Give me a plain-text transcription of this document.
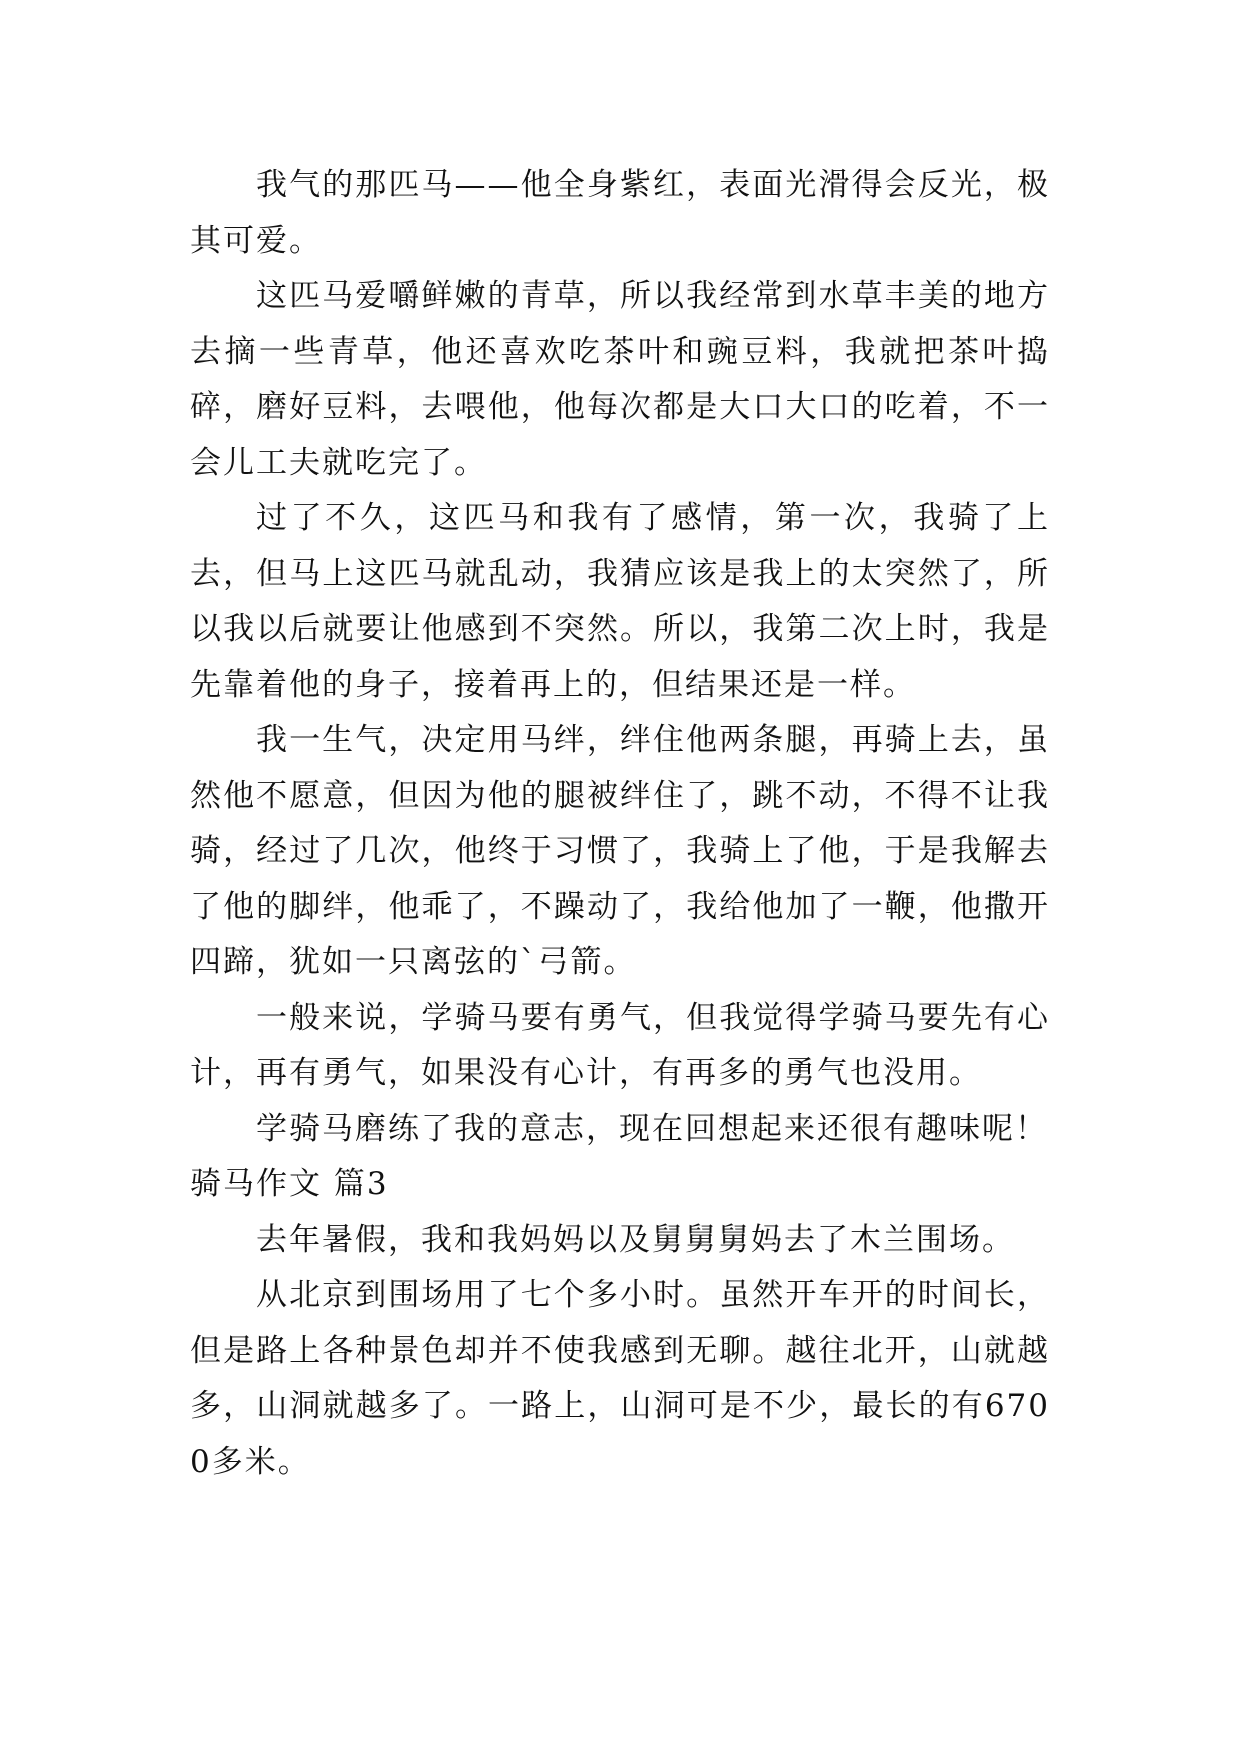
我气的那匹马——他全身紫红，表面光滑得会反光，极其可爱。

这匹马爱嚼鲜嫩的青草，所以我经常到水草丰美的地方去摘一些青草，他还喜欢吃茶叶和豌豆料，我就把茶叶捣碎，磨好豆料，去喂他，他每次都是大口大口的吃着，不一会儿工夫就吃完了。

过了不久，这匹马和我有了感情，第一次，我骑了上去，但马上这匹马就乱动，我猜应该是我上的太突然了，所以我以后就要让他感到不突然。所以，我第二次上时，我是先靠着他的身子，接着再上的，但结果还是一样。

我一生气，决定用马绊，绊住他两条腿，再骑上去，虽然他不愿意，但因为他的腿被绊住了，跳不动，不得不让我骑，经过了几次，他终于习惯了，我骑上了他，于是我解去了他的脚绊，他乖了，不躁动了，我给他加了一鞭，他撒开四蹄，犹如一只离弦的`弓箭。

一般来说，学骑马要有勇气，但我觉得学骑马要先有心计，再有勇气，如果没有心计，有再多的勇气也没用。

学骑马磨练了我的意志，现在回想起来还很有趣味呢！

骑马作文 篇3

去年暑假，我和我妈妈以及舅舅舅妈去了木兰围场。

从北京到围场用了七个多小时。虽然开车开的时间长，但是路上各种景色却并不使我感到无聊。越往北开，山就越多，山洞就越多了。一路上，山洞可是不少，最长的有6700多米。
